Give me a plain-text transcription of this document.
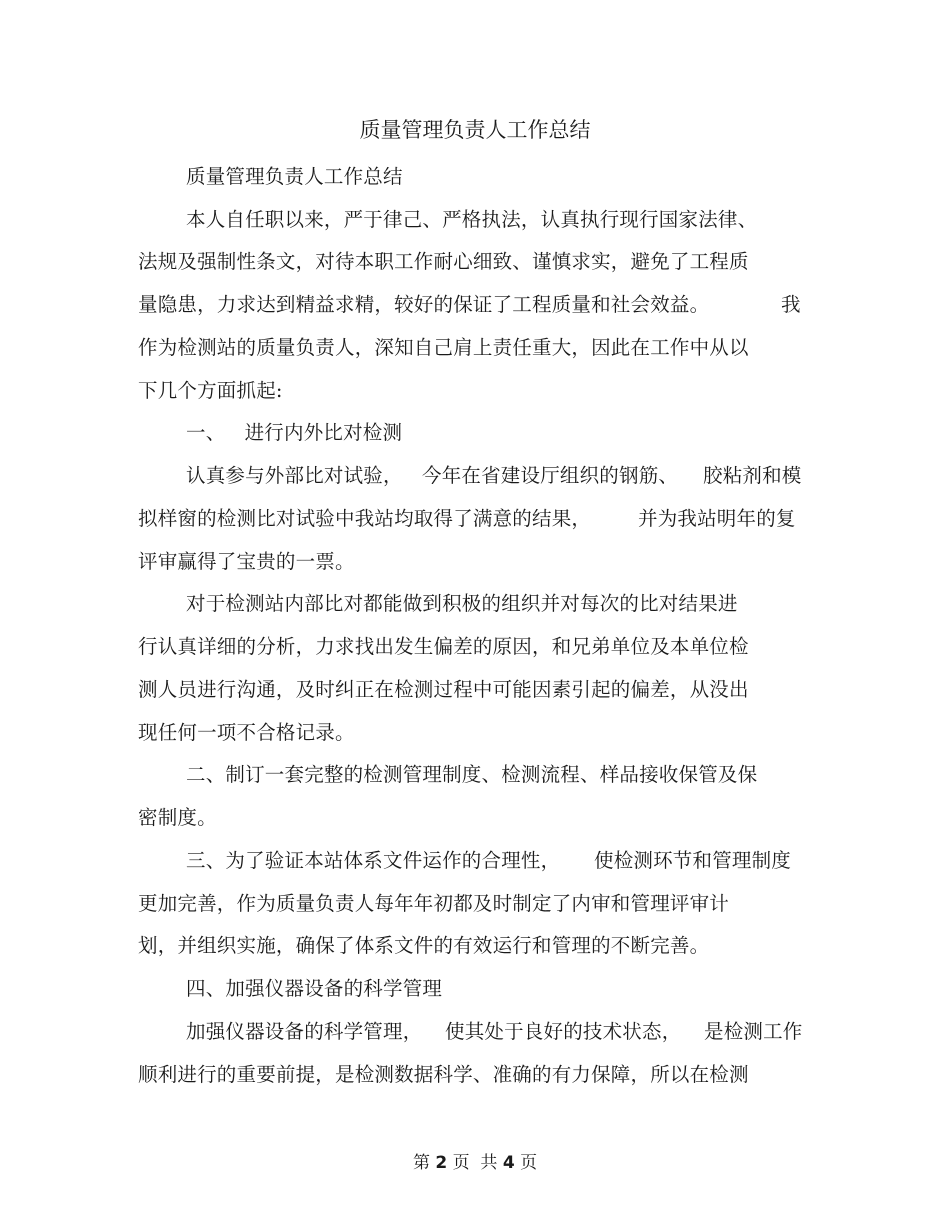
质量管理负责人工作总结
质量管理负责人工作总结
本人自任职以来，严于律己、严格执法，认真执行现行国家法律、
法规及强制性条文，对待本职工作耐心细致、谨慎求实，避免了工程质
量隐患，力求达到精益求精，较好的保证了工程质量和社会效益。	我
作为检测站的质量负责人，深知自己肩上责任重大，因此在工作中从以
下几个方面抓起:
一、   进行内外比对检测
认真参与外部比对试验， 今年在省建设厅组织的钢筋、 胶粘剂和模
拟样窗的检测比对试验中我站均取得了满意的结果， 并为我站明年的复
评审赢得了宝贵的一票。
对于检测站内部比对都能做到积极的组织并对每次的比对结果进
行认真详细的分析，力求找出发生偏差的原因，和兄弟单位及本单位检
测人员进行沟通，及时纠正在检测过程中可能因素引起的偏差，从没出
现任何一项不合格记录。
二、制订一套完整的检测管理制度、检测流程、样品接收保管及保
密制度。
三、为了验证本站体系文件运作的合理性， 使检测环节和管理制度
更加完善，作为质量负责人每年年初都及时制定了内审和管理评审计
划，并组织实施，确保了体系文件的有效运行和管理的不断完善。
四、加强仪器设备的科学管理
加强仪器设备的科学管理， 使其处于良好的技术状态， 是检测工作
顺利进行的重要前提，是检测数据科学、准确的有力保障，所以在检测
第 2 页  共 4 页
